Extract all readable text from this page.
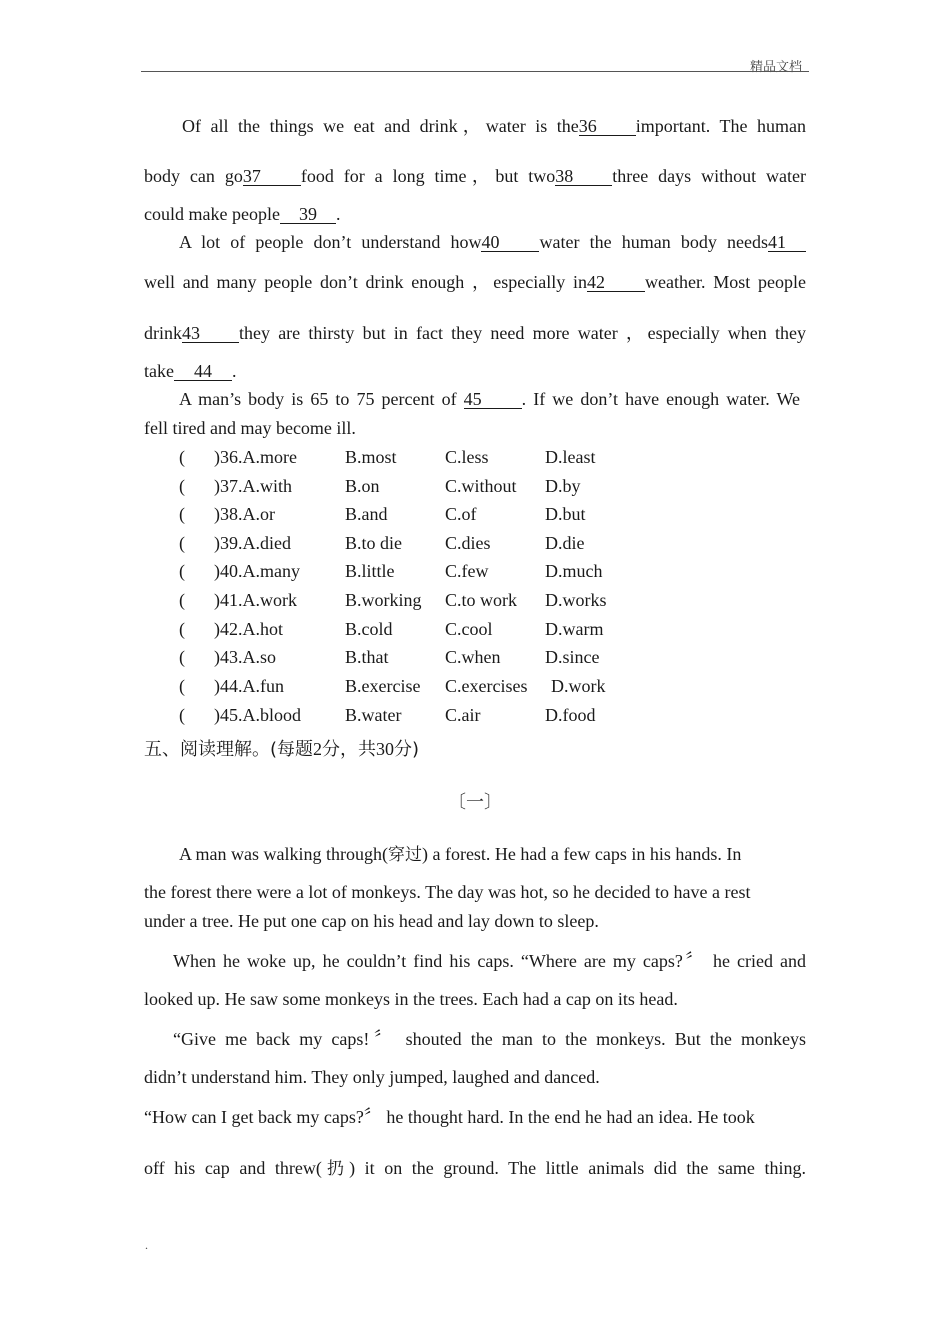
精品文档
Of all the things we eat and drink，water is the36 important. The human
body can go37 food for a long time，but two38 three days without water
could make people 39 .
A lot of people don’t understand how40 water the human body needs41
well and many people don’t drink enough ，especially in42 weather. Most people
drink43 they are thirsty but in fact they need more water ，especially when they
take 44 .
A man’s body is 65 to 75 percent of 45 . If we don’t have enough water. We
fell tired and may become ill.
( )36.A.more	B.most	C.less	D.least
( )37.A.with	B.on	C.without D.by
( )38.A.or	B.and	C.of	D.but
( )39.A.died	B.to die C.dies	D.die
( )40.A.many	B.little	C.few	D.much
( )41.A.work	B.working C.to work D.works
( )42.A.hot	B.cold	C.cool	D.warm
( )43.A.so	B.that	C.when D.since
( )44.A.fun	B.exercise C.exercises D.work
( )45.A.blood B.water C.air	D.food
五、阅读理解。(每题2分，共30分)
〔一〕
A man was walking through(穿过) a forest. He had a few caps in his hands. In
the forest there were a lot of monkeys. The day was hot, so he decided to have a rest
under a tree. He put one cap on his head and lay down to sleep.
When he woke up, he couldn’t find his caps. “Where are my caps?〞 he cried and
looked up. He saw some monkeys in the trees. Each had a cap on its head.
“Give me back my caps!〞 shouted the man to the monkeys. But the monkeys
didn’t understand him. They only jumped, laughed and danced.
“How can I get back my caps?〞 he thought hard. In the end he had an idea. He took
off his cap and threw(扔) it on the ground. The little animals did the same thing.
.
